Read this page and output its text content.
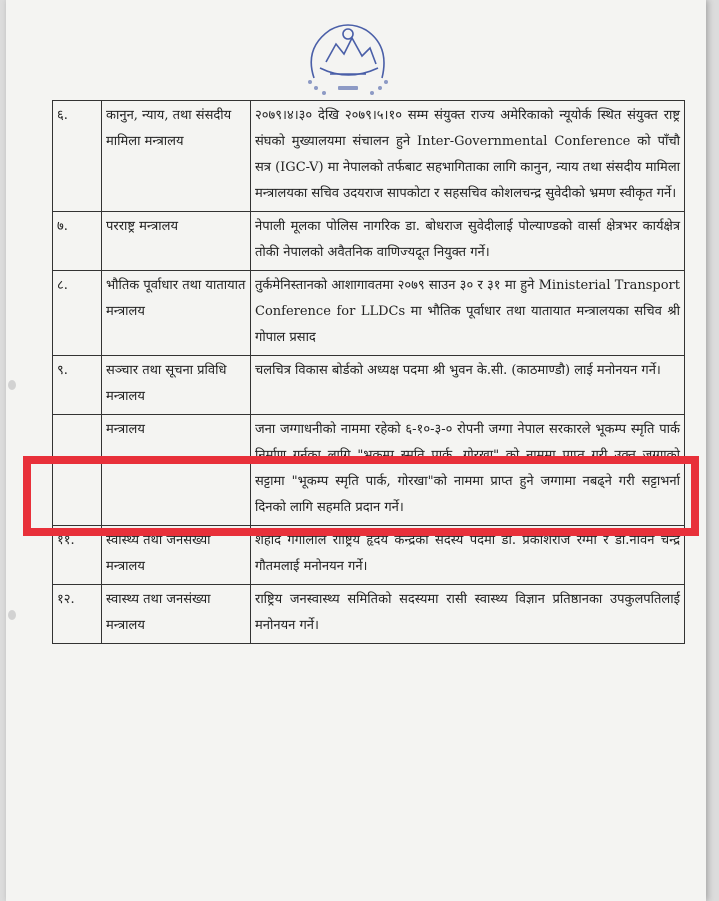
६.	कानुन, न्याय, तथा संसदीय मामिला मन्त्रालय	२०७९।४।३० देखि २०७९।५।१० सम्म संयुक्त राज्य अमेरिकाको न्यूयोर्क स्थित संयुक्त राष्ट्र संघको मुख्यालयमा संचालन हुने Inter-Governmental Conference को पाँचौ सत्र (IGC-V) मा नेपालको तर्फबाट सहभागिताका लागि कानुन, न्याय तथा संसदीय मामिला मन्त्रालयका सचिव उदयराज सापकोटा र सहसचिव कोशलचन्द्र सुवेदीको भ्रमण स्वीकृत गर्ने।
७.	परराष्ट्र मन्त्रालय	नेपाली मूलका पोलिस नागरिक डा. बोधराज सुवेदीलाई पोल्याण्डको वार्सा क्षेत्रभर कार्यक्षेत्र तोकी नेपालको अवैतनिक वाणिज्यदूत नियुक्त गर्ने।
८.	भौतिक पूर्वाधार तथा यातायात मन्त्रालय	तुर्कमेनिस्तानको आशागावतमा २०७९ साउन ३० र ३१ मा हुने Ministerial Transport Conference for LLDCs मा भौतिक पूर्वाधार तथा यातायात मन्त्रालयका सचिव श्री गोपाल प्रसाद
९.	सञ्चार तथा सूचना प्रविधि मन्त्रालय	चलचित्र विकास बोर्डको अध्यक्ष पदमा श्री भुवन के.सी. (काठमाण्डौ) लाई मनोनयन गर्ने।
	मन्त्रालय	जना जग्गाधनीको नाममा रहेको ६-१०-३-० रोपनी जग्गा नेपाल सरकारले भूकम्प स्मृति पार्क निर्माण गर्नका लागि "भूकम्प स्मृति पार्क, गोरखा" को नाममा प्राप्त गरी उक्त जग्गाको सट्टामा "भूकम्प स्मृति पार्क, गोरखा"को नाममा प्राप्त हुने जग्गामा नबढ्ने गरी सट्टाभर्ना दिनको लागि सहमति प्रदान गर्ने।
११.	स्वास्थ्य तथा जनसंख्या मन्त्रालय	शहीद गंगालाल राष्ट्रिय हृदय केन्द्रको सदस्य पदमा डा. प्रकाशराज रेग्मी र डा.नविन चन्द्र गौतमलाई मनोनयन गर्ने।
१२.	स्वास्थ्य तथा जनसंख्या मन्त्रालय	राष्ट्रिय जनस्वास्थ्य समितिको सदस्यमा रासी स्वास्थ्य विज्ञान प्रतिष्ठानका उपकुलपतिलाई मनोनयन गर्ने।
